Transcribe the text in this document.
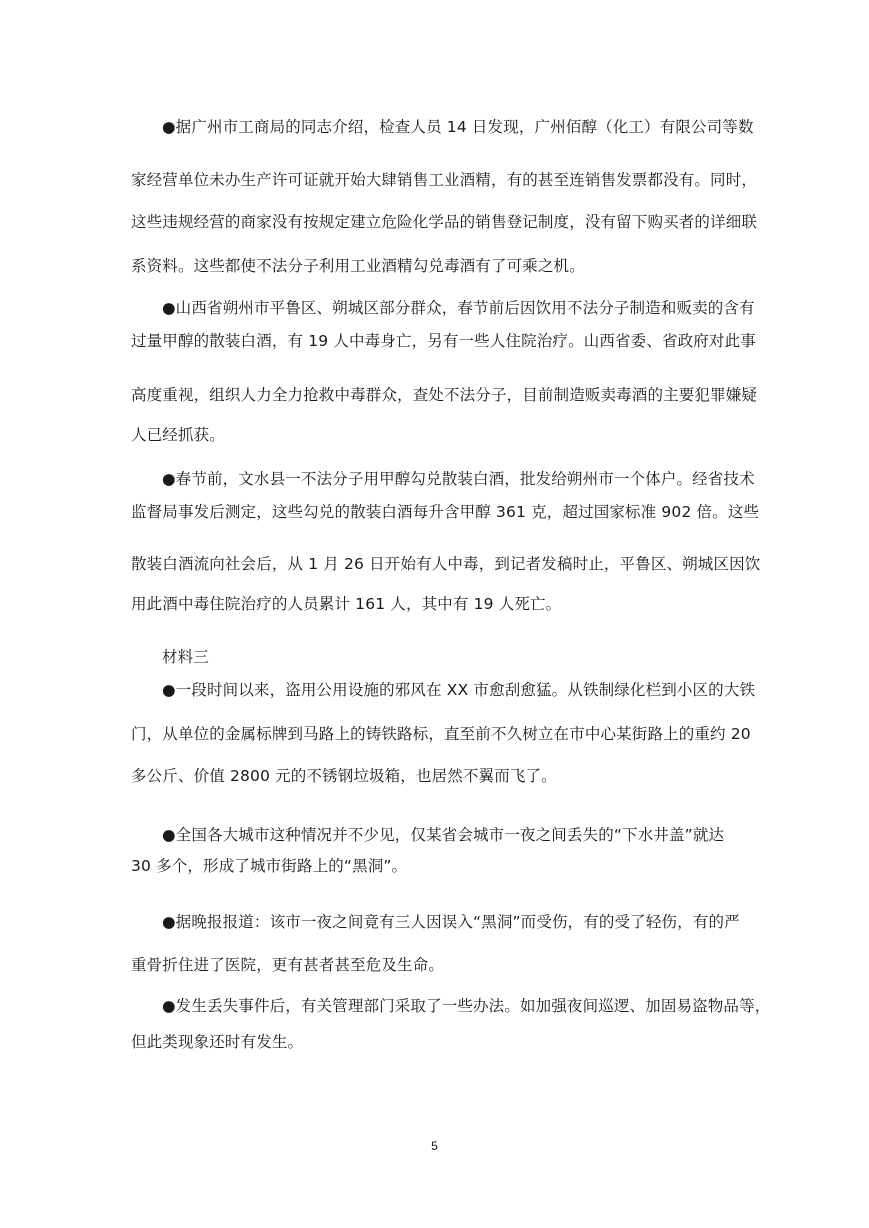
●据广州市工商局的同志介绍，检查人员 14 日发现，广州佰醇（化工）有限公司等数
家经营单位未办生产许可证就开始大肆销售工业酒精，有的甚至连销售发票都没有。同时，
这些违规经营的商家没有按规定建立危险化学品的销售登记制度，没有留下购买者的详细联
系资料。这些都使不法分子利用工业酒精勾兑毒酒有了可乘之机。
●山西省朔州市平鲁区、朔城区部分群众，春节前后因饮用不法分子制造和贩卖的含有
过量甲醇的散装白酒，有 19 人中毒身亡，另有一些人住院治疗。山西省委、省政府对此事
高度重视，组织人力全力抢救中毒群众，查处不法分子，目前制造贩卖毒酒的主要犯罪嫌疑
人已经抓获。
●春节前，文水县一不法分子用甲醇勾兑散装白酒，批发给朔州市一个体户。经省技术
监督局事发后测定，这些勾兑的散装白酒每升含甲醇 361 克，超过国家标准 902 倍。这些
散装白酒流向社会后，从 1 月 26 日开始有人中毒，到记者发稿时止，平鲁区、朔城区因饮
用此酒中毒住院治疗的人员累计 161 人，其中有 19 人死亡。
材料三
●一段时间以来，盗用公用设施的邪风在 XX 市愈刮愈猛。从铁制绿化栏到小区的大铁
门，从单位的金属标牌到马路上的铸铁路标，直至前不久树立在市中心某街路上的重约 20
多公斤、价值 2800 元的不锈钢垃圾箱，也居然不翼而飞了。
●全国各大城市这种情况并不少见，仅某省会城市一夜之间丢失的“下水井盖”就达
30 多个，形成了城市街路上的“黑洞”。
●据晚报报道：该市一夜之间竟有三人因误入“黑洞”而受伤，有的受了轻伤，有的严
重骨折住进了医院，更有甚者甚至危及生命。
●发生丢失事件后，有关管理部门采取了一些办法。如加强夜间巡逻、加固易盗物品等，
但此类现象还时有发生。
5
